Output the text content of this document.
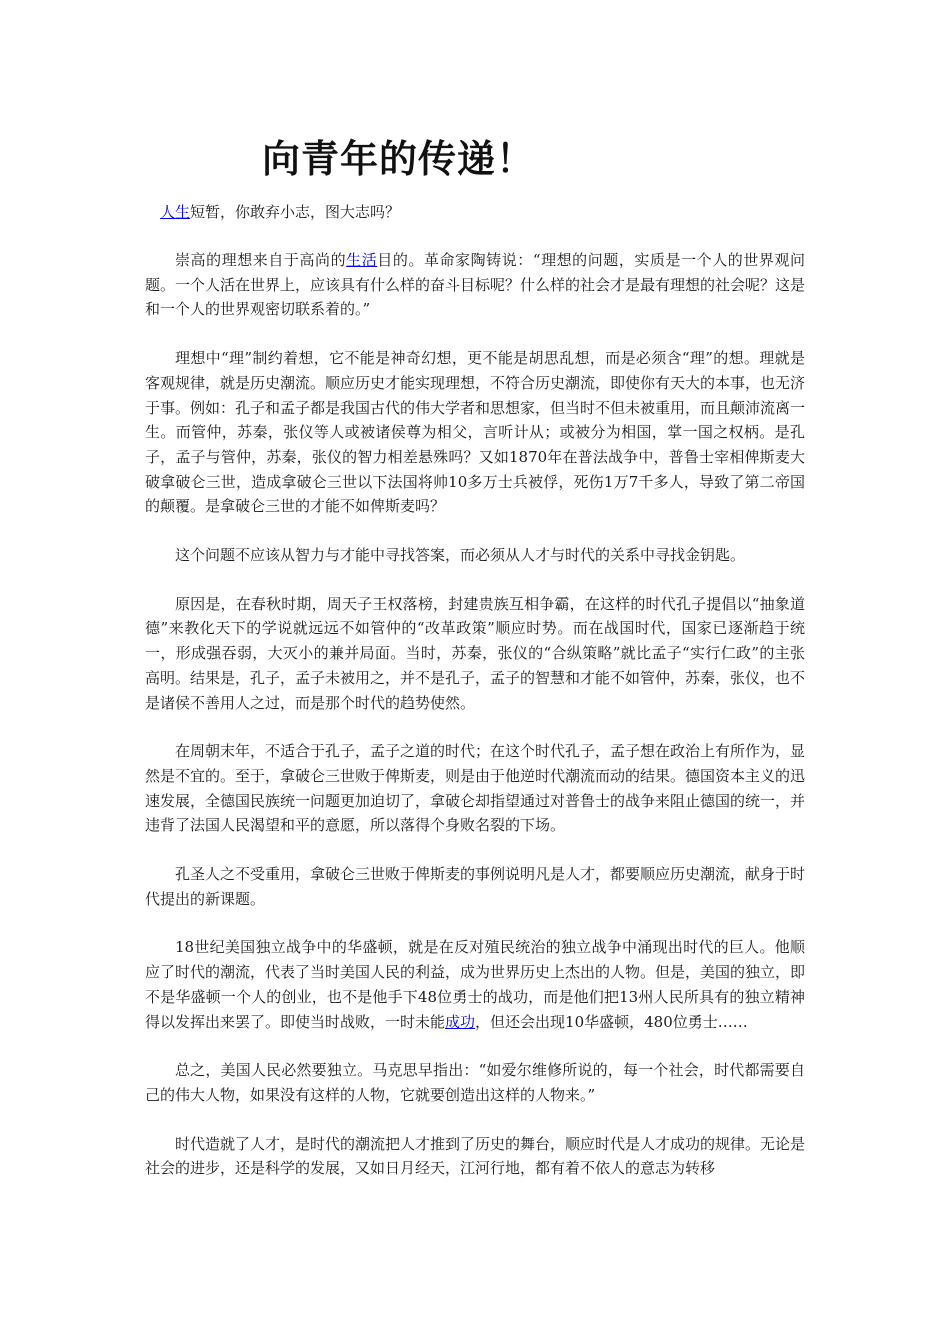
向青年的传递！

人生短暂，你敢弃小志，图大志吗？

崇高的理想来自于高尚的生活目的。革命家陶铸说：“理想的问题，实质是一个人的世界观问题。一个人活在世界上，应该具有什么样的奋斗目标呢？什么样的社会才是最有理想的社会呢？这是和一个人的世界观密切联系着的。”

理想中“理”制约着想，它不能是神奇幻想，更不能是胡思乱想，而是必须含“理”的想。理就是客观规律，就是历史潮流。顺应历史才能实现理想，不符合历史潮流，即使你有天大的本事，也无济于事。例如：孔子和孟子都是我国古代的伟大学者和思想家，但当时不但未被重用，而且颠沛流离一生。而管仲，苏秦，张仪等人或被诸侯尊为相父，言听计从；或被分为相国，掌一国之权柄。是孔子，孟子与管仲，苏秦，张仪的智力相差悬殊吗？又如1870年在普法战争中，普鲁士宰相俾斯麦大破拿破仑三世，造成拿破仑三世以下法国将帅10多万士兵被俘，死伤1万7千多人，导致了第二帝国的颠覆。是拿破仑三世的才能不如俾斯麦吗？

这个问题不应该从智力与才能中寻找答案，而必须从人才与时代的关系中寻找金钥匙。

原因是，在春秋时期，周天子王权落榜，封建贵族互相争霸，在这样的时代孔子提倡以“抽象道德”来教化天下的学说就远远不如管仲的“改革政策”顺应时势。而在战国时代，国家已逐渐趋于统一，形成强吞弱，大灭小的兼并局面。当时，苏秦，张仪的“合纵策略”就比孟子“实行仁政”的主张高明。结果是，孔子，孟子未被用之，并不是孔子，孟子的智慧和才能不如管仲，苏秦，张仪，也不是诸侯不善用人之过，而是那个时代的趋势使然。

在周朝末年，不适合于孔子，孟子之道的时代；在这个时代孔子，孟子想在政治上有所作为，显然是不宜的。至于，拿破仑三世败于俾斯麦，则是由于他逆时代潮流而动的结果。德国资本主义的迅速发展，全德国民族统一问题更加迫切了，拿破仑却指望通过对普鲁士的战争来阻止德国的统一，并违背了法国人民渴望和平的意愿，所以落得个身败名裂的下场。

孔圣人之不受重用，拿破仑三世败于俾斯麦的事例说明凡是人才，都要顺应历史潮流，献身于时代提出的新课题。

18世纪美国独立战争中的华盛顿，就是在反对殖民统治的独立战争中涌现出时代的巨人。他顺应了时代的潮流，代表了当时美国人民的利益，成为世界历史上杰出的人物。但是，美国的独立，即不是华盛顿一个人的创业，也不是他手下48位勇士的战功，而是他们把13州人民所具有的独立精神得以发挥出来罢了。即使当时战败，一时未能成功，但还会出现10华盛顿，480位勇士……

总之，美国人民必然要独立。马克思早指出：“如爱尔维修所说的，每一个社会，时代都需要自己的伟大人物，如果没有这样的人物，它就要创造出这样的人物来。”

时代造就了人才，是时代的潮流把人才推到了历史的舞台，顺应时代是人才成功的规律。无论是社会的进步，还是科学的发展，又如日月经天，江河行地，都有着不依人的意志为转移
